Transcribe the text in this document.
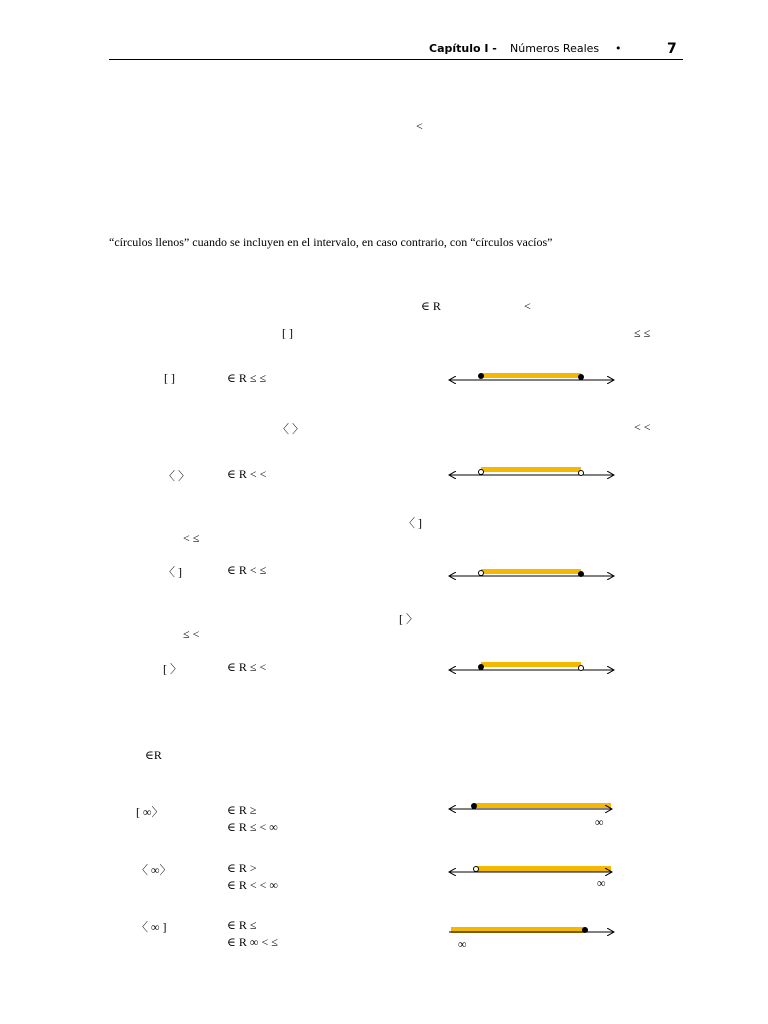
Capítulo I - Números Reales •	7
<
“círculos llenos” cuando se incluyen en el intervalo, en caso contrario, con “círculos vacíos”
∈ R	<
[ ]	≤ ≤
[ ]	∈ R ≤ ≤
〈 〉	< <
〈 〉	∈ R < <
〈 ]
< ≤
〈 ]	∈ R < ≤
[ 〉
≤ <
[ 〉	∈ R ≤ <
∈R
[ ∞〉	∈ R ≥
∈ R ≤ < ∞
〈 ∞〉	∈ R >
∈ R < < ∞
〈 ∞ ]	∈ R ≤
∈ R ∞ < ≤
∞
∞
∞
